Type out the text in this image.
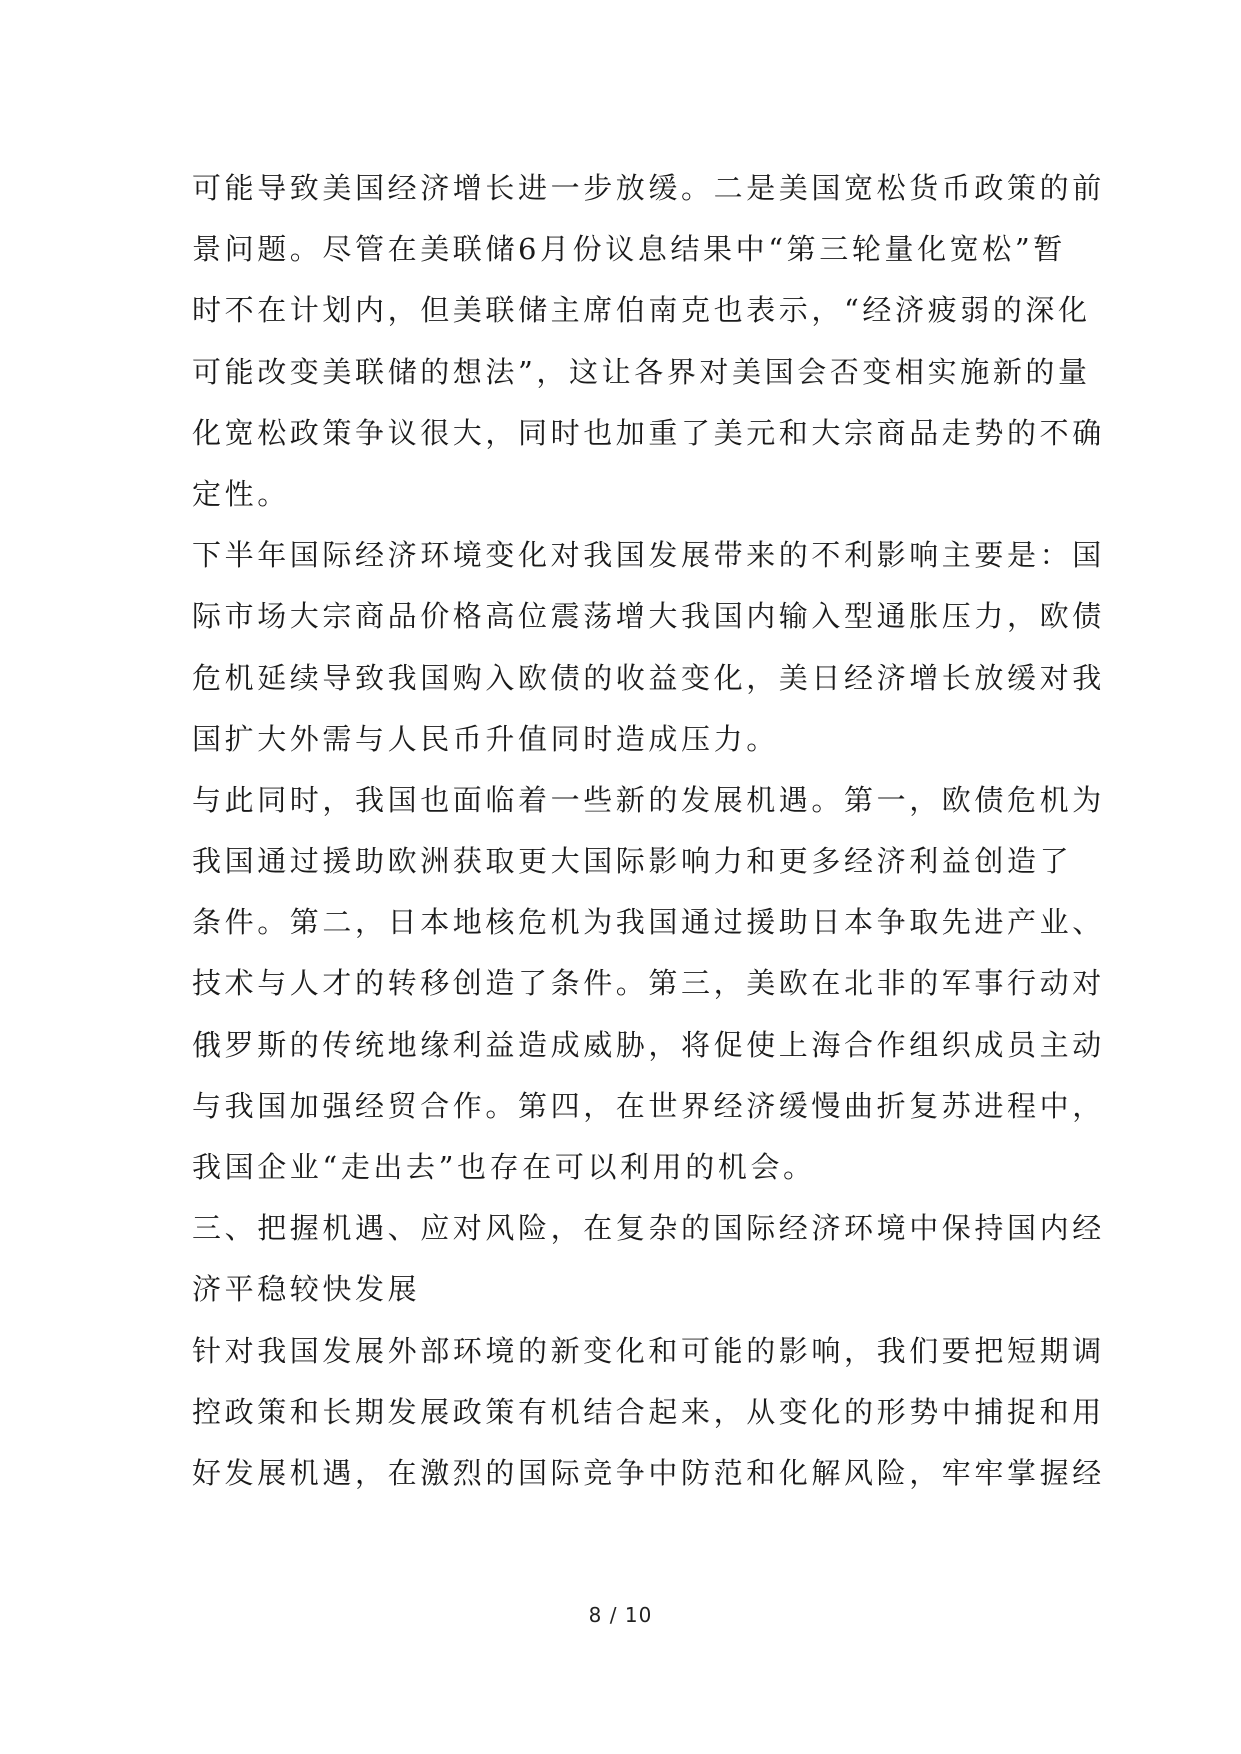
可能导致美国经济增长进一步放缓。二是美国宽松货币政策的前
景问题。尽管在美联储6月份议息结果中“第三轮量化宽松”暂
时不在计划内，但美联储主席伯南克也表示，“经济疲弱的深化
可能改变美联储的想法”，这让各界对美国会否变相实施新的量
化宽松政策争议很大，同时也加重了美元和大宗商品走势的不确
定性。
下半年国际经济环境变化对我国发展带来的不利影响主要是：国
际市场大宗商品价格高位震荡增大我国内输入型通胀压力，欧债
危机延续导致我国购入欧债的收益变化，美日经济增长放缓对我
国扩大外需与人民币升值同时造成压力。
与此同时，我国也面临着一些新的发展机遇。第一，欧债危机为
我国通过援助欧洲获取更大国际影响力和更多经济利益创造了
条件。第二，日本地核危机为我国通过援助日本争取先进产业、
技术与人才的转移创造了条件。第三，美欧在北非的军事行动对
俄罗斯的传统地缘利益造成威胁，将促使上海合作组织成员主动
与我国加强经贸合作。第四，在世界经济缓慢曲折复苏进程中，
我国企业“走出去”也存在可以利用的机会。
三、把握机遇、应对风险，在复杂的国际经济环境中保持国内经
济平稳较快发展
针对我国发展外部环境的新变化和可能的影响，我们要把短期调
控政策和长期发展政策有机结合起来，从变化的形势中捕捉和用
好发展机遇，在激烈的国际竞争中防范和化解风险，牢牢掌握经
8 / 10
